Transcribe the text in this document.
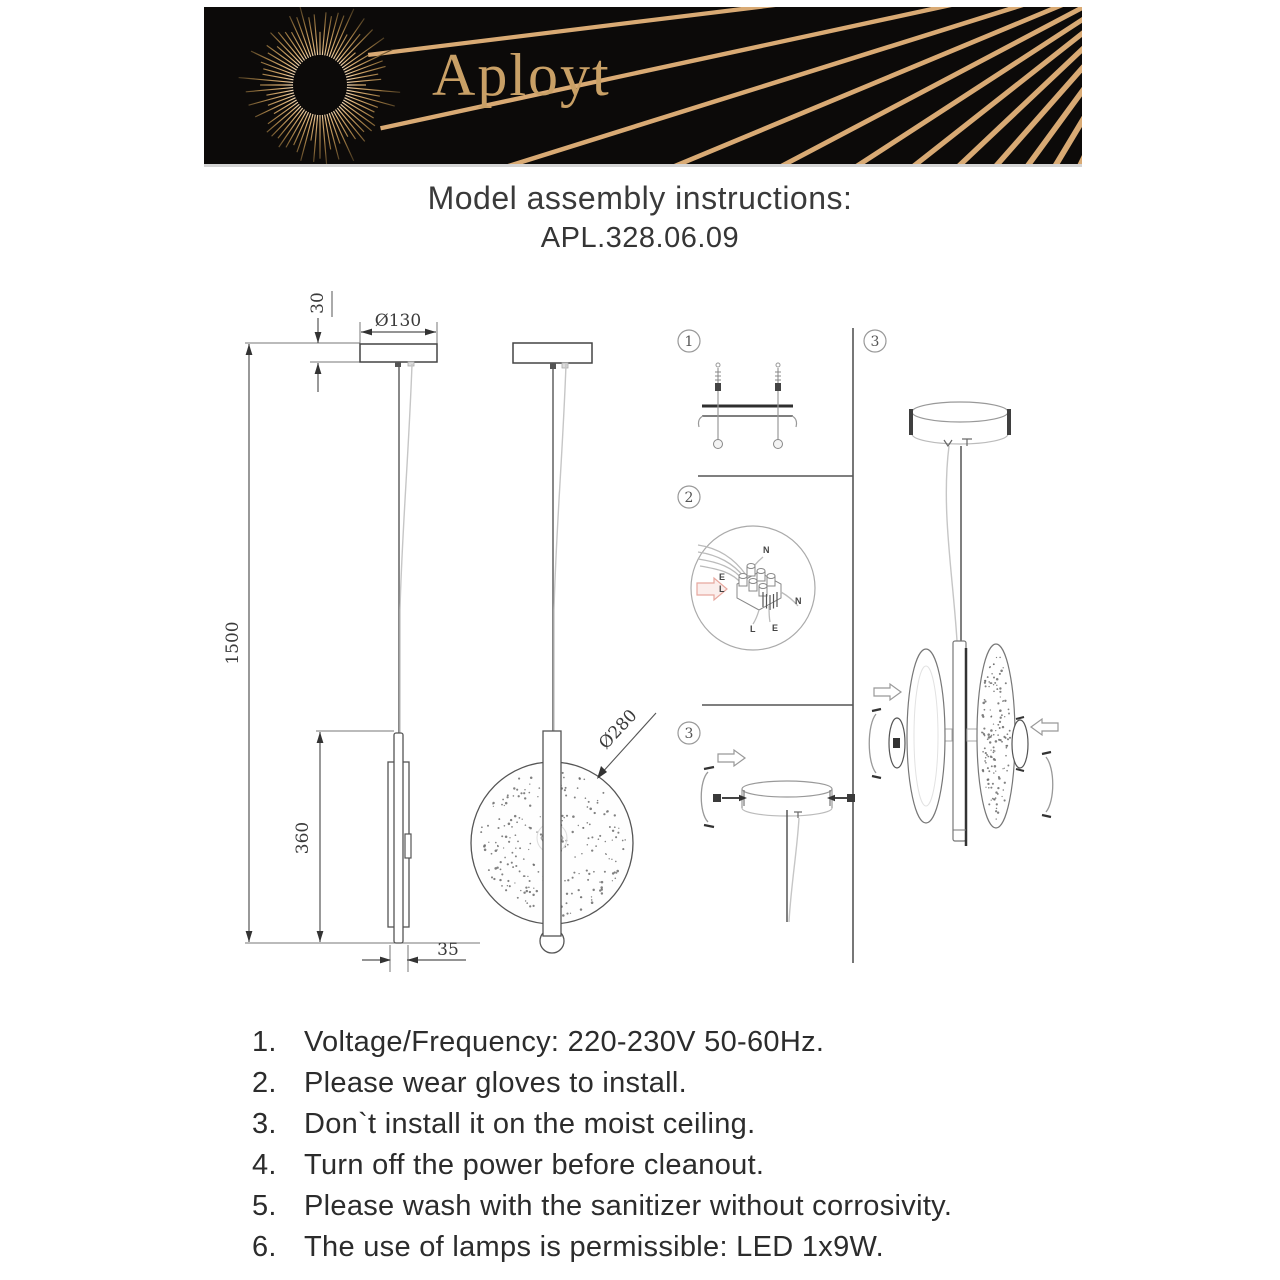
Aployt
Model assembly instructions:
APL.328.06.09
1500
30
Ø130
360
35
Ø280
1
2
N
E
L
L E
N
3
3
1. Voltage/Frequency: 220-230V 50-60Hz.
2. Please wear gloves to install.
3. Don`t install it on the moist ceiling.
4. Turn off the power before cleanout.
5. Please wash with the sanitizer without corrosivity.
6. The use of lamps is permissible: LED 1x9W.
